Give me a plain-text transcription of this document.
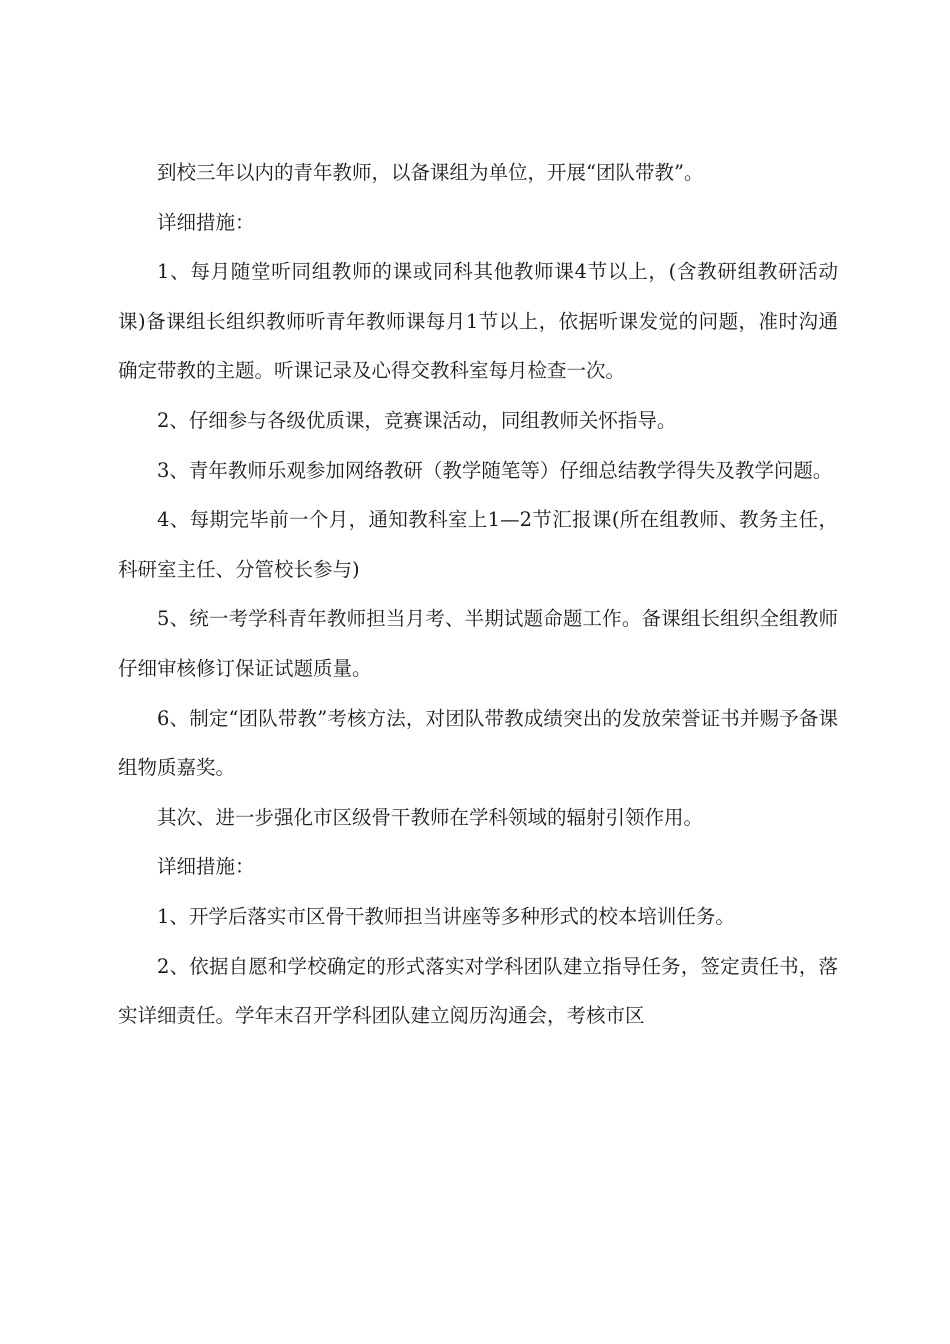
到校三年以内的青年教师，以备课组为单位，开展“团队带教”。

详细措施：

1、每月随堂听同组教师的课或同科其他教师课4节以上，(含教研组教研活动课)备课组长组织教师听青年教师课每月1节以上，依据听课发觉的问题，准时沟通确定带教的主题。听课记录及心得交教科室每月检查一次。

2、仔细参与各级优质课，竞赛课活动，同组教师关怀指导。

3、青年教师乐观参加网络教研（教学随笔等）仔细总结教学得失及教学问题。

4、每期完毕前一个月，通知教科室上1—2节汇报课(所在组教师、教务主任，科研室主任、分管校长参与)

5、统一考学科青年教师担当月考、半期试题命题工作。备课组长组织全组教师仔细审核修订保证试题质量。

6、制定“团队带教”考核方法，对团队带教成绩突出的发放荣誉证书并赐予备课组物质嘉奖。

其次、进一步强化市区级骨干教师在学科领域的辐射引领作用。

详细措施：

1、开学后落实市区骨干教师担当讲座等多种形式的校本培训任务。

2、依据自愿和学校确定的形式落实对学科团队建立指导任务，签定责任书，落实详细责任。学年末召开学科团队建立阅历沟通会，考核市区
